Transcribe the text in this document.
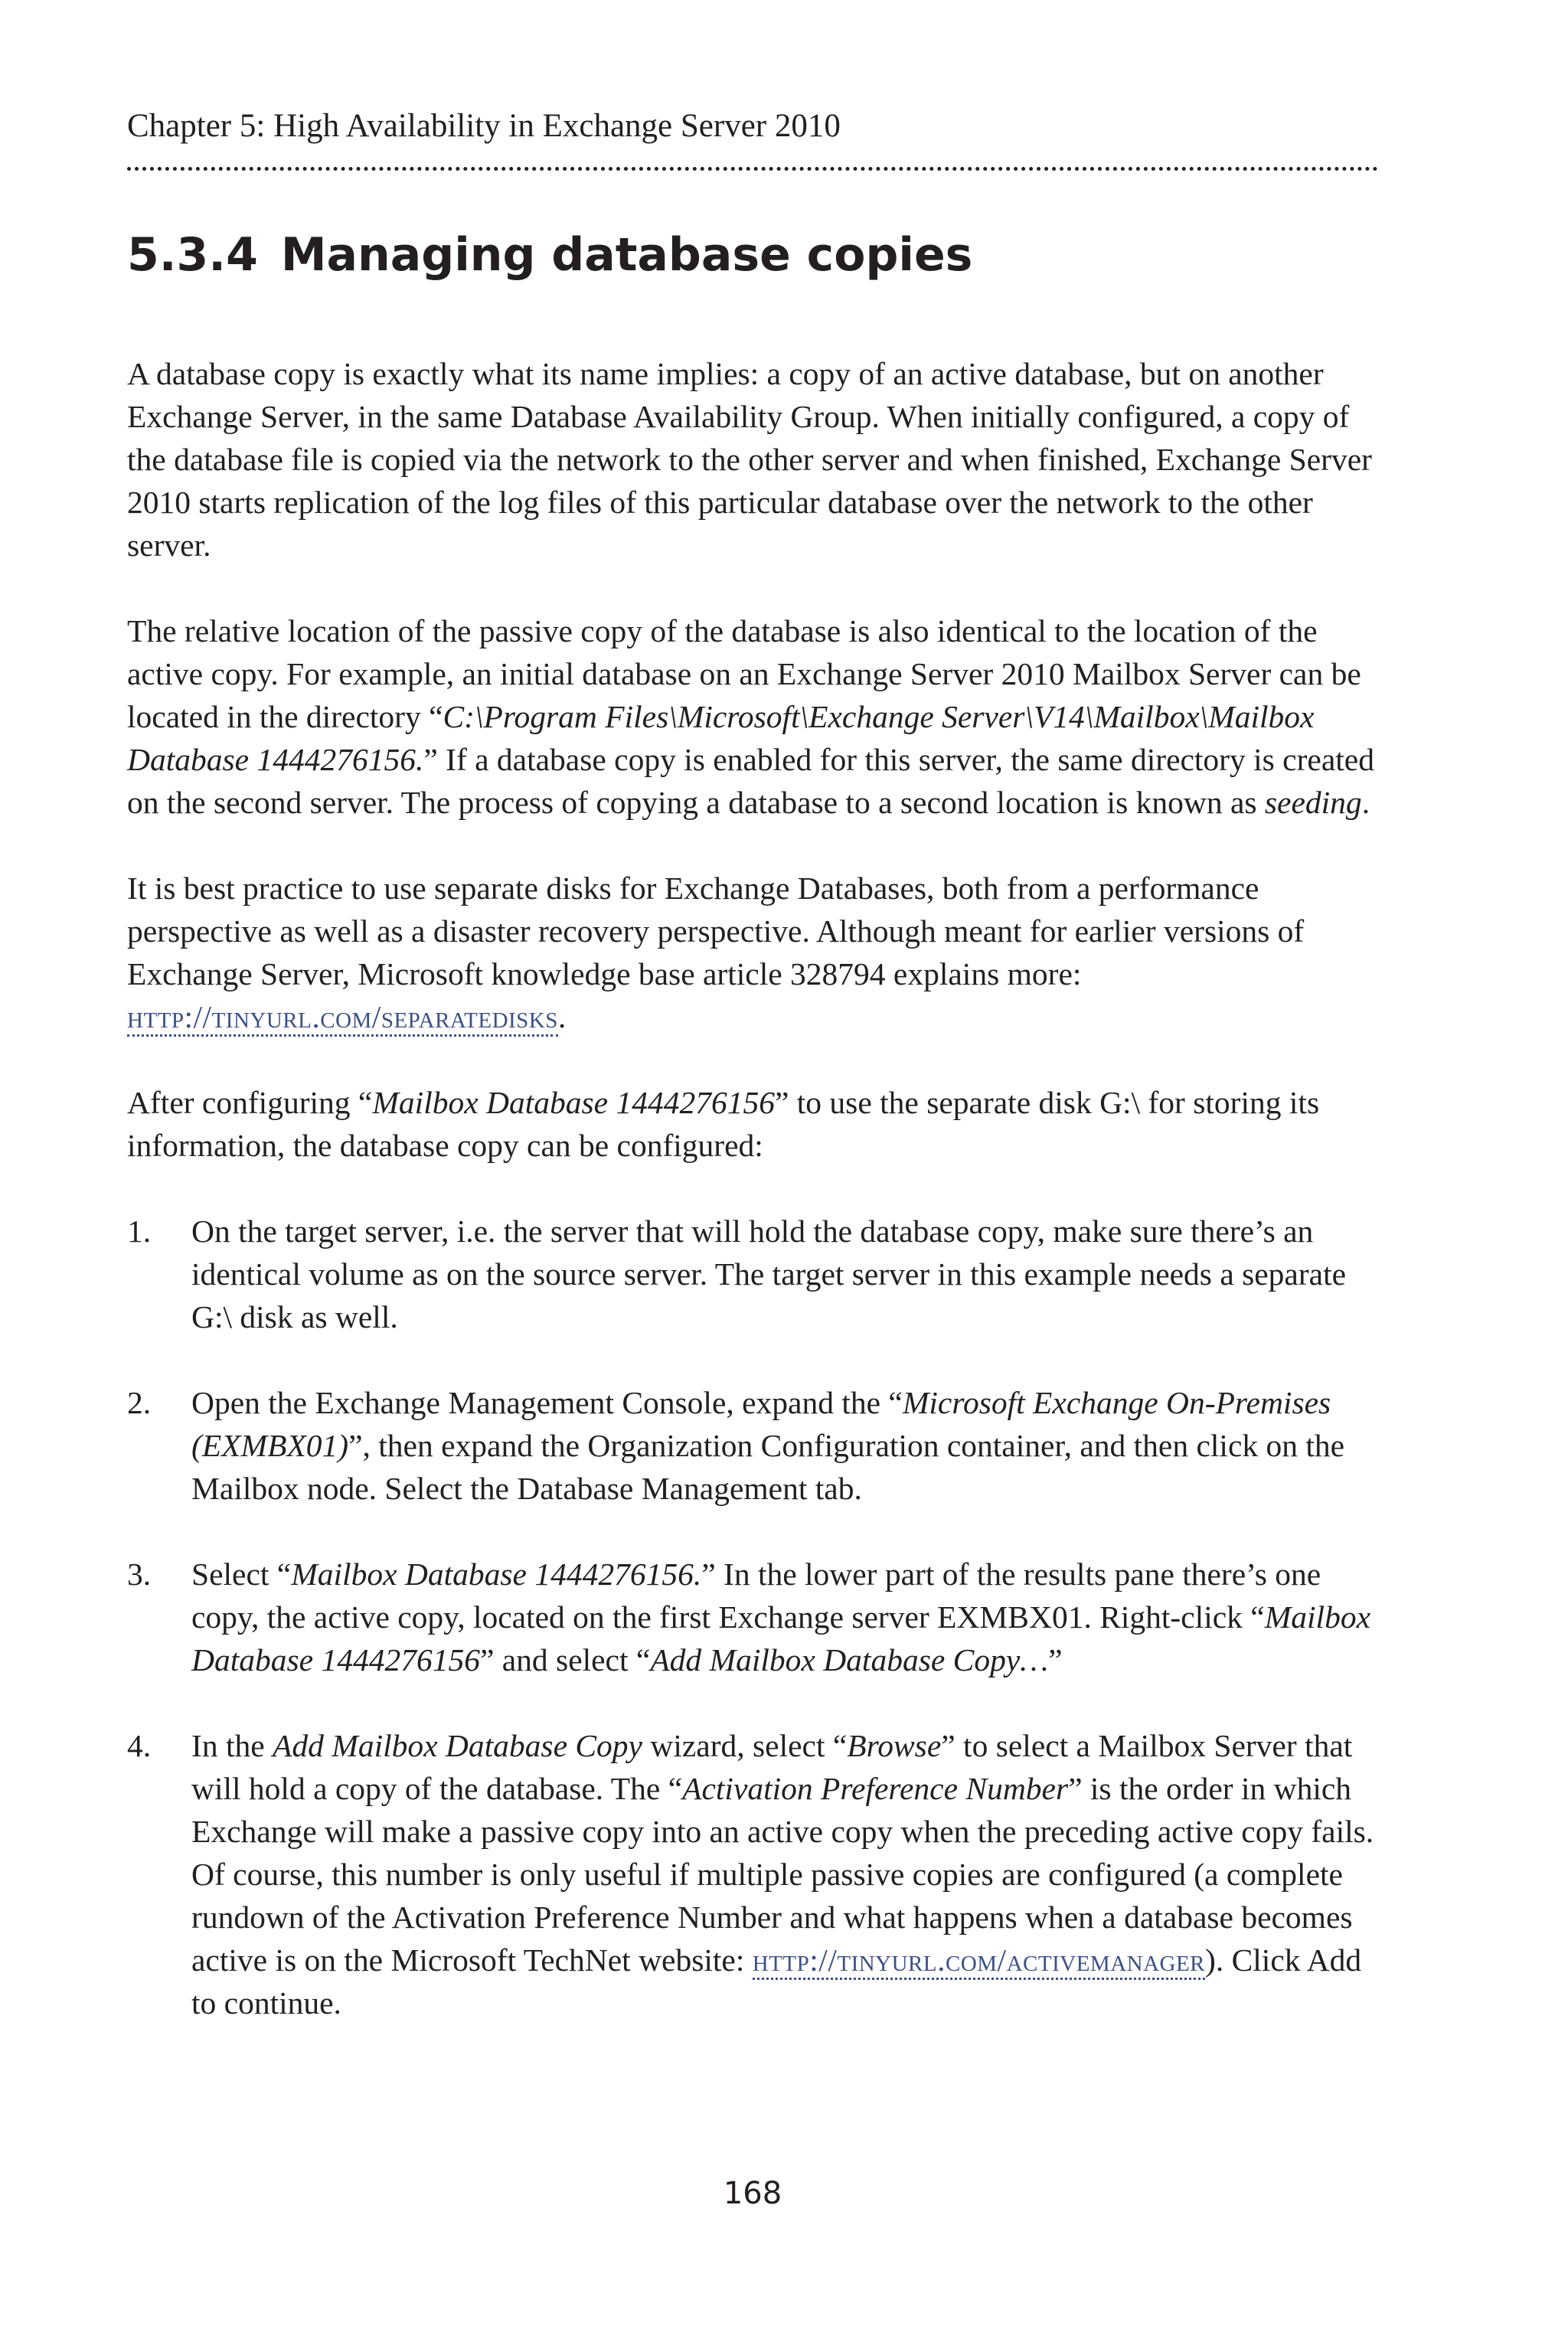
Chapter 5: High Availability in Exchange Server 2010
5.3.4 Managing database copies

A database copy is exactly what its name implies: a copy of an active database, but on another Exchange Server, in the same Database Availability Group. When initially configured, a copy of the database file is copied via the network to the other server and when finished, Exchange Server 2010 starts replication of the log files of this particular database over the network to the other server.

The relative location of the passive copy of the database is also identical to the location of the active copy. For example, an initial database on an Exchange Server 2010 Mailbox Server can be located in the directory “C:\Program Files\Microsoft\Exchange Server\V14\Mailbox\Mailbox Database 1444276156.” If a database copy is enabled for this server, the same directory is created on the second server. The process of copying a database to a second location is known as seeding.

It is best practice to use separate disks for Exchange Databases, both from a performance perspective as well as a disaster recovery perspective. Although meant for earlier versions of Exchange Server, Microsoft knowledge base article 328794 explains more: http://tinyurl.com/separatedisks.

After configuring “Mailbox Database 1444276156” to use the separate disk G:\ for storing its information, the database copy can be configured:

1. On the target server, i.e. the server that will hold the database copy, make sure there’s an identical volume as on the source server. The target server in this example needs a separate G:\ disk as well.
2. Open the Exchange Management Console, expand the “Microsoft Exchange On-Premises (EXMBX01)”, then expand the Organization Configuration container, and then click on the Mailbox node. Select the Database Management tab.
3. Select “Mailbox Database 1444276156.” In the lower part of the results pane there’s one copy, the active copy, located on the first Exchange server EXMBX01. Right-click “Mailbox Database 1444276156” and select “Add Mailbox Database Copy…”
4. In the Add Mailbox Database Copy wizard, select “Browse” to select a Mailbox Server that will hold a copy of the database. The “Activation Preference Number” is the order in which Exchange will make a passive copy into an active copy when the preceding active copy fails. Of course, this number is only useful if multiple passive copies are configured (a complete rundown of the Activation Preference Number and what happens when a database becomes active is on the Microsoft TechNet website: http://tinyurl.com/activemanager). Click Add to continue.
168
